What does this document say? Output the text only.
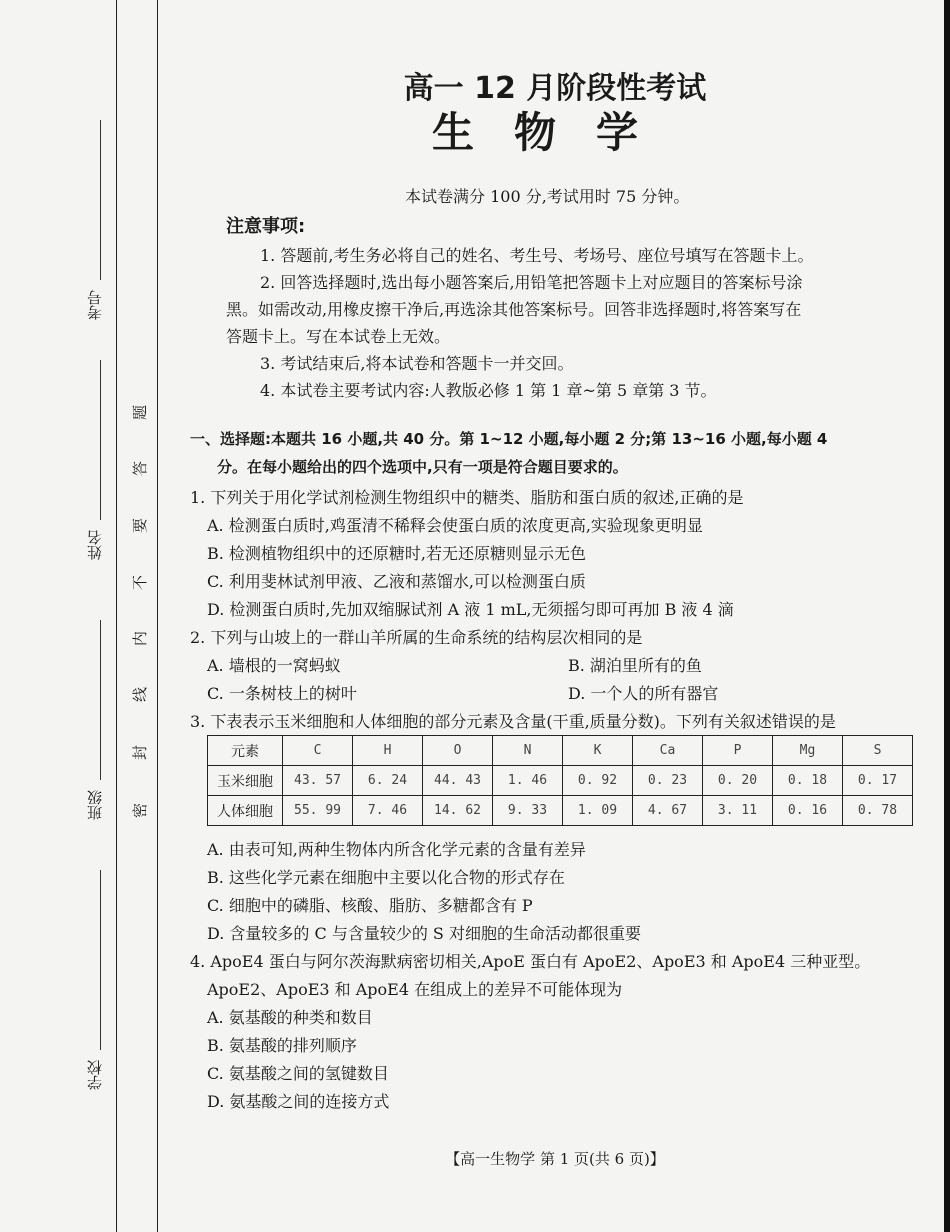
考号
姓名
班级
学校
题
答
要
不
内
线
封
密
高一 12 月阶段性考试
生物学
本试卷满分 100 分,考试用时 75 分钟。
注意事项:
1. 答题前,考生务必将自己的姓名、考生号、考场号、座位号填写在答题卡上。
2. 回答选择题时,选出每小题答案后,用铅笔把答题卡上对应题目的答案标号涂
黑。如需改动,用橡皮擦干净后,再选涂其他答案标号。回答非选择题时,将答案写在
答题卡上。写在本试卷上无效。
3. 考试结束后,将本试卷和答题卡一并交回。
4. 本试卷主要考试内容:人教版必修 1 第 1 章~第 5 章第 3 节。
一、选择题:本题共 16 小题,共 40 分。第 1~12 小题,每小题 2 分;第 13~16 小题,每小题 4
分。在每小题给出的四个选项中,只有一项是符合题目要求的。
1. 下列关于用化学试剂检测生物组织中的糖类、脂肪和蛋白质的叙述,正确的是
A. 检测蛋白质时,鸡蛋清不稀释会使蛋白质的浓度更高,实验现象更明显
B. 检测植物组织中的还原糖时,若无还原糖则显示无色
C. 利用斐林试剂甲液、乙液和蒸馏水,可以检测蛋白质
D. 检测蛋白质时,先加双缩脲试剂 A 液 1 mL,无须摇匀即可再加 B 液 4 滴
2. 下列与山坡上的一群山羊所属的生命系统的结构层次相同的是
A. 墙根的一窝蚂蚁	B. 湖泊里所有的鱼
C. 一条树枝上的树叶	D. 一个人的所有器官
3. 下表表示玉米细胞和人体细胞的部分元素及含量(干重,质量分数)。下列有关叙述错误的是
元素	C	H	O	N	K	Ca	P	Mg	S
玉米细胞	43. 57	6. 24	44. 43	1. 46	0. 92	0. 23	0. 20	0. 18	0. 17
人体细胞	55. 99	7. 46	14. 62	9. 33	1. 09	4. 67	3. 11	0. 16	0. 78
A. 由表可知,两种生物体内所含化学元素的含量有差异
B. 这些化学元素在细胞中主要以化合物的形式存在
C. 细胞中的磷脂、核酸、脂肪、多糖都含有 P
D. 含量较多的 C 与含量较少的 S 对细胞的生命活动都很重要
4. ApoE4 蛋白与阿尔茨海默病密切相关,ApoE 蛋白有 ApoE2、ApoE3 和 ApoE4 三种亚型。
ApoE2、ApoE3 和 ApoE4 在组成上的差异不可能体现为
A. 氨基酸的种类和数目
B. 氨基酸的排列顺序
C. 氨基酸之间的氢键数目
D. 氨基酸之间的连接方式
【高一生物学 第 1 页(共 6 页)】
